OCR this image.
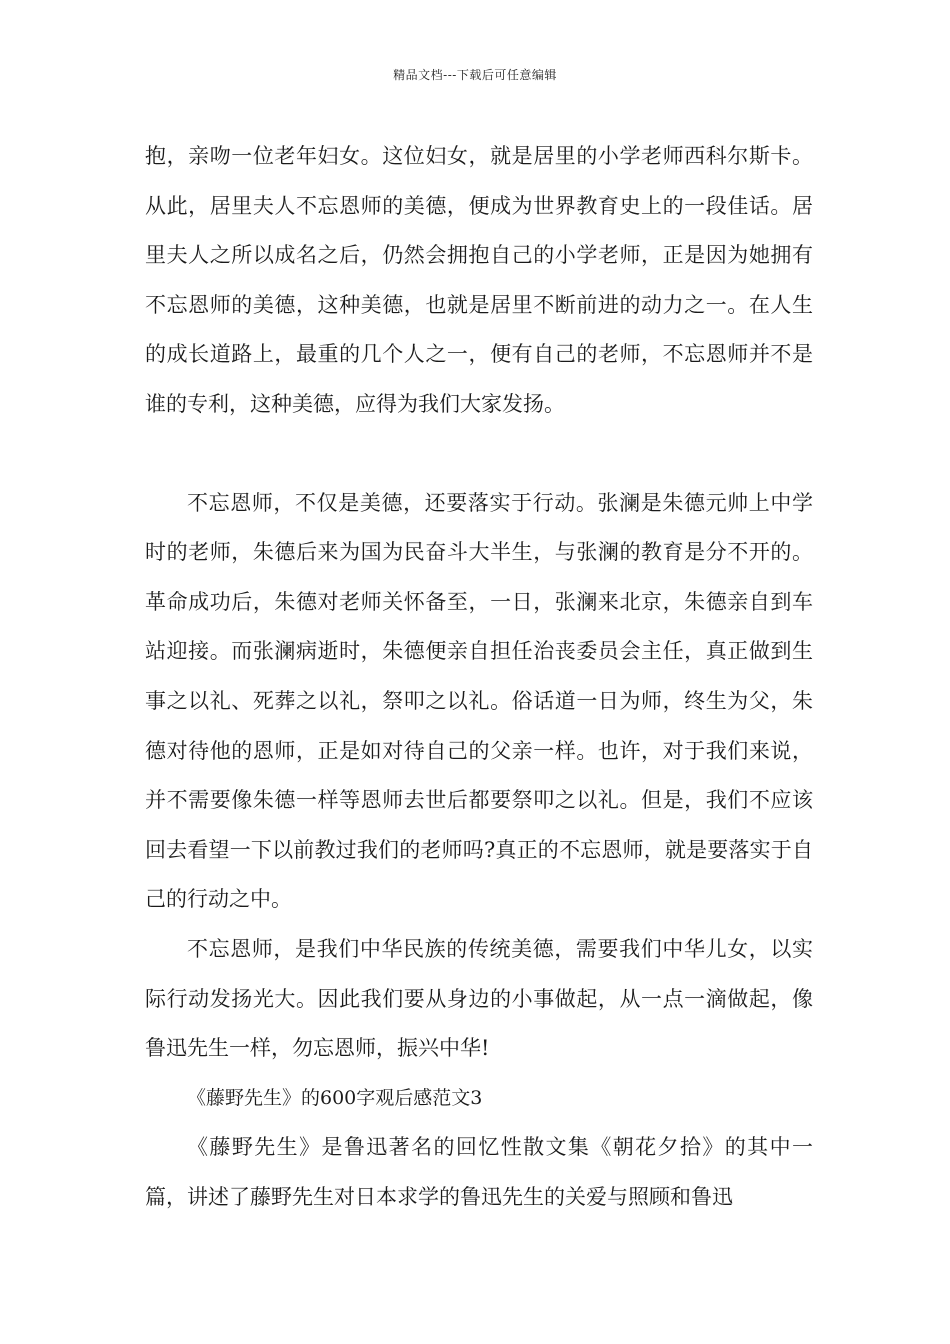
精品文档---下载后可任意编辑

抱，亲吻一位老年妇女。这位妇女，就是居里的小学老师西科尔斯卡。从此，居里夫人不忘恩师的美德，便成为世界教育史上的一段佳话。居里夫人之所以成名之后，仍然会拥抱自己的小学老师，正是因为她拥有不忘恩师的美德，这种美德，也就是居里不断前进的动力之一。在人生的成长道路上，最重的几个人之一，便有自己的老师，不忘恩师并不是谁的专利，这种美德，应得为我们大家发扬。

不忘恩师，不仅是美德，还要落实于行动。张澜是朱德元帅上中学时的老师，朱德后来为国为民奋斗大半生，与张澜的教育是分不开的。革命成功后，朱德对老师关怀备至，一日，张澜来北京，朱德亲自到车站迎接。而张澜病逝时，朱德便亲自担任治丧委员会主任，真正做到生事之以礼、死葬之以礼，祭叩之以礼。俗话道一日为师，终生为父，朱德对待他的恩师，正是如对待自己的父亲一样。也许，对于我们来说，并不需要像朱德一样等恩师去世后都要祭叩之以礼。但是，我们不应该回去看望一下以前教过我们的老师吗?真正的不忘恩师，就是要落实于自己的行动之中。

不忘恩师，是我们中华民族的传统美德，需要我们中华儿女，以实际行动发扬光大。因此我们要从身边的小事做起，从一点一滴做起，像鲁迅先生一样，勿忘恩师，振兴中华!

《藤野先生》的600字观后感范文3

《藤野先生》是鲁迅著名的回忆性散文集《朝花夕拾》的其中一篇，讲述了藤野先生对日本求学的鲁迅先生的关爱与照顾和鲁迅
